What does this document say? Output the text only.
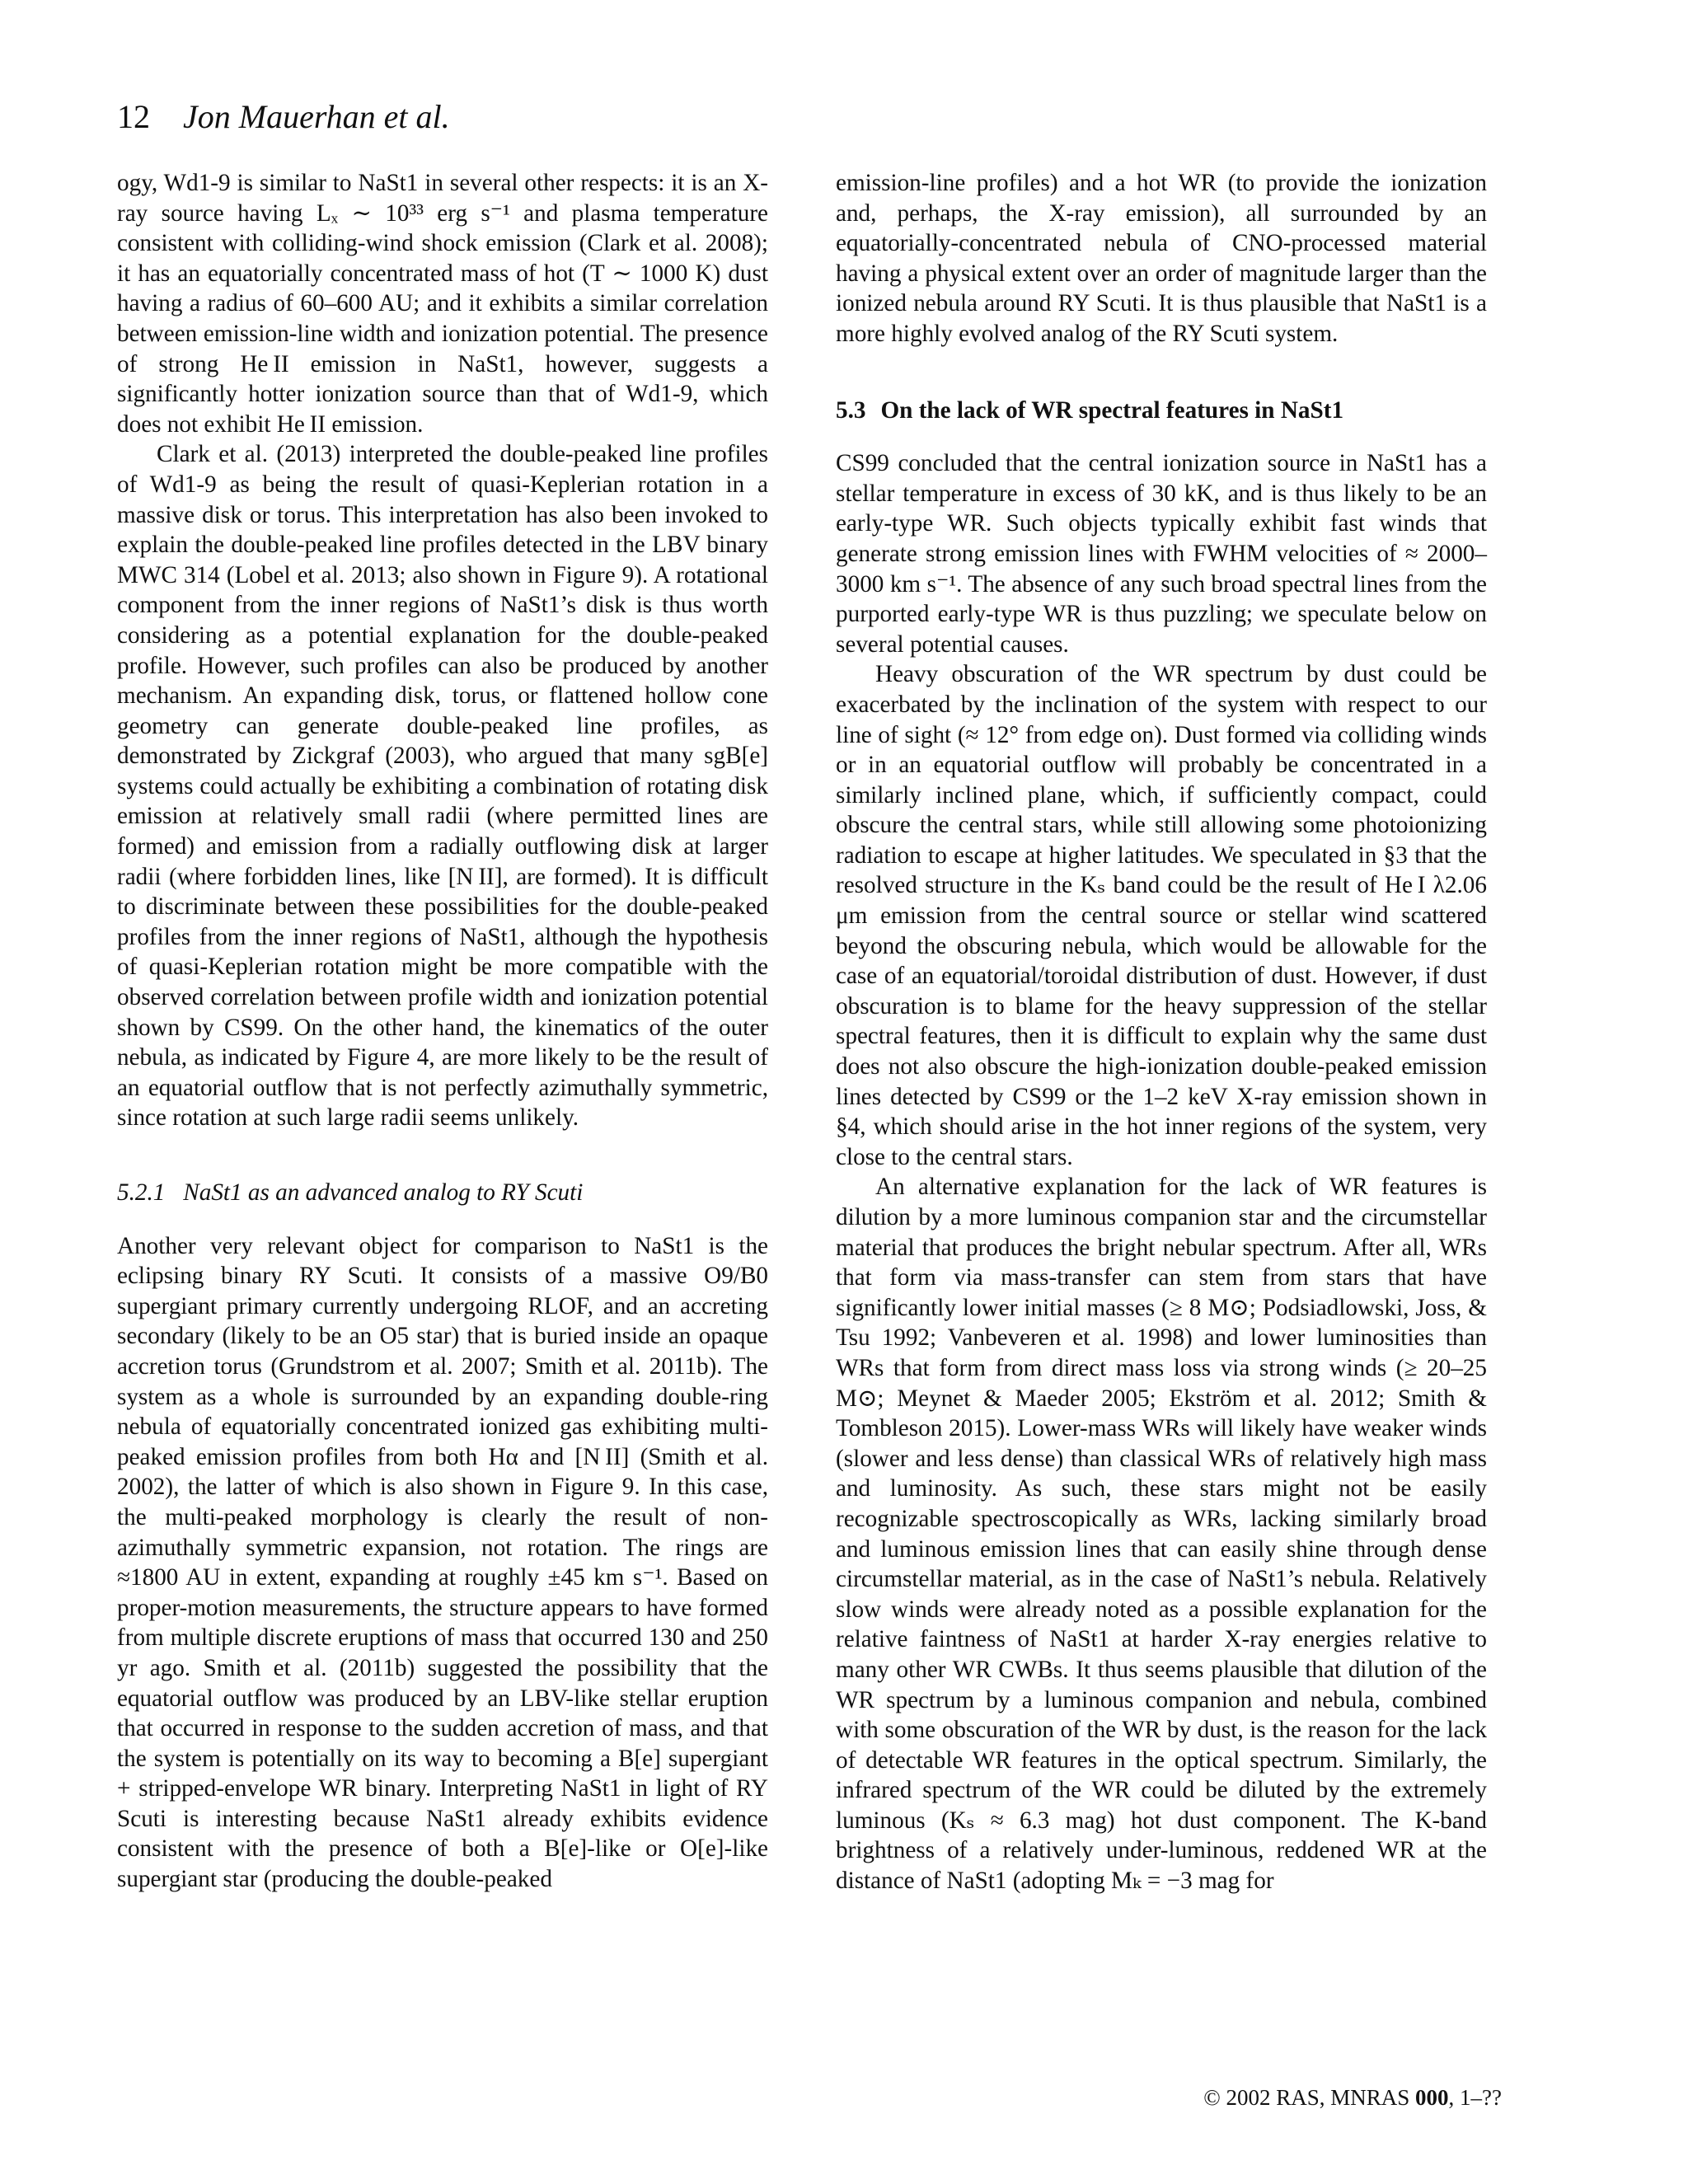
12 Jon Mauerhan et al.

ogy, Wd1-9 is similar to NaSt1 in several other respects: it is an X-ray source having Lₓ ∼ 10³³ erg s⁻¹ and plasma temperature consistent with colliding-wind shock emission (Clark et al. 2008); it has an equatorially concentrated mass of hot (T ∼ 1000 K) dust having a radius of 60–600 AU; and it exhibits a similar correlation between emission-line width and ionization potential. The presence of strong He II emission in NaSt1, however, suggests a significantly hotter ionization source than that of Wd1-9, which does not exhibit He II emission.

Clark et al. (2013) interpreted the double-peaked line profiles of Wd1-9 as being the result of quasi-Keplerian rotation in a massive disk or torus. This interpretation has also been invoked to explain the double-peaked line profiles detected in the LBV binary MWC 314 (Lobel et al. 2013; also shown in Figure 9). A rotational component from the inner regions of NaSt1’s disk is thus worth considering as a potential explanation for the double-peaked profile. However, such profiles can also be produced by another mechanism. An expanding disk, torus, or flattened hollow cone geometry can generate double-peaked line profiles, as demonstrated by Zickgraf (2003), who argued that many sgB[e] systems could actually be exhibiting a combination of rotating disk emission at relatively small radii (where permitted lines are formed) and emission from a radially outflowing disk at larger radii (where forbidden lines, like [N II], are formed). It is difficult to discriminate between these possibilities for the double-peaked profiles from the inner regions of NaSt1, although the hypothesis of quasi-Keplerian rotation might be more compatible with the observed correlation between profile width and ionization potential shown by CS99. On the other hand, the kinematics of the outer nebula, as indicated by Figure 4, are more likely to be the result of an equatorial outflow that is not perfectly azimuthally symmetric, since rotation at such large radii seems unlikely.

5.2.1 NaSt1 as an advanced analog to RY Scuti

Another very relevant object for comparison to NaSt1 is the eclipsing binary RY Scuti. It consists of a massive O9/B0 supergiant primary currently undergoing RLOF, and an accreting secondary (likely to be an O5 star) that is buried inside an opaque accretion torus (Grundstrom et al. 2007; Smith et al. 2011b). The system as a whole is surrounded by an expanding double-ring nebula of equatorially concentrated ionized gas exhibiting multi-peaked emission profiles from both Hα and [N II] (Smith et al. 2002), the latter of which is also shown in Figure 9. In this case, the multi-peaked morphology is clearly the result of non-azimuthally symmetric expansion, not rotation. The rings are ≈1800 AU in extent, expanding at roughly ±45 km s⁻¹. Based on proper-motion measurements, the structure appears to have formed from multiple discrete eruptions of mass that occurred 130 and 250 yr ago. Smith et al. (2011b) suggested the possibility that the equatorial outflow was produced by an LBV-like stellar eruption that occurred in response to the sudden accretion of mass, and that the system is potentially on its way to becoming a B[e] supergiant + stripped-envelope WR binary. Interpreting NaSt1 in light of RY Scuti is interesting because NaSt1 already exhibits evidence consistent with the presence of both a B[e]-like or O[e]-like supergiant star (producing the double-peaked

emission-line profiles) and a hot WR (to provide the ionization and, perhaps, the X-ray emission), all surrounded by an equatorially-concentrated nebula of CNO-processed material having a physical extent over an order of magnitude larger than the ionized nebula around RY Scuti. It is thus plausible that NaSt1 is a more highly evolved analog of the RY Scuti system.

5.3 On the lack of WR spectral features in NaSt1

CS99 concluded that the central ionization source in NaSt1 has a stellar temperature in excess of 30 kK, and is thus likely to be an early-type WR. Such objects typically exhibit fast winds that generate strong emission lines with FWHM velocities of ≈ 2000–3000 km s⁻¹. The absence of any such broad spectral lines from the purported early-type WR is thus puzzling; we speculate below on several potential causes.

Heavy obscuration of the WR spectrum by dust could be exacerbated by the inclination of the system with respect to our line of sight (≈ 12° from edge on). Dust formed via colliding winds or in an equatorial outflow will probably be concentrated in a similarly inclined plane, which, if sufficiently compact, could obscure the central stars, while still allowing some photoionizing radiation to escape at higher latitudes. We speculated in §3 that the resolved structure in the Kₛ band could be the result of He I λ2.06 μm emission from the central source or stellar wind scattered beyond the obscuring nebula, which would be allowable for the case of an equatorial/toroidal distribution of dust. However, if dust obscuration is to blame for the heavy suppression of the stellar spectral features, then it is difficult to explain why the same dust does not also obscure the high-ionization double-peaked emission lines detected by CS99 or the 1–2 keV X-ray emission shown in §4, which should arise in the hot inner regions of the system, very close to the central stars.

An alternative explanation for the lack of WR features is dilution by a more luminous companion star and the circumstellar material that produces the bright nebular spectrum. After all, WRs that form via mass-transfer can stem from stars that have significantly lower initial masses (≥ 8 M⊙; Podsiadlowski, Joss, & Tsu 1992; Vanbeveren et al. 1998) and lower luminosities than WRs that form from direct mass loss via strong winds (≥ 20–25 M⊙; Meynet & Maeder 2005; Ekström et al. 2012; Smith & Tombleson 2015). Lower-mass WRs will likely have weaker winds (slower and less dense) than classical WRs of relatively high mass and luminosity. As such, these stars might not be easily recognizable spectroscopically as WRs, lacking similarly broad and luminous emission lines that can easily shine through dense circumstellar material, as in the case of NaSt1’s nebula. Relatively slow winds were already noted as a possible explanation for the relative faintness of NaSt1 at harder X-ray energies relative to many other WR CWBs. It thus seems plausible that dilution of the WR spectrum by a luminous companion and nebula, combined with some obscuration of the WR by dust, is the reason for the lack of detectable WR features in the optical spectrum. Similarly, the infrared spectrum of the WR could be diluted by the extremely luminous (Kₛ ≈ 6.3 mag) hot dust component. The K-band brightness of a relatively under-luminous, reddened WR at the distance of NaSt1 (adopting Mₖ = −3 mag for

© 2002 RAS, MNRAS 000, 1–??
